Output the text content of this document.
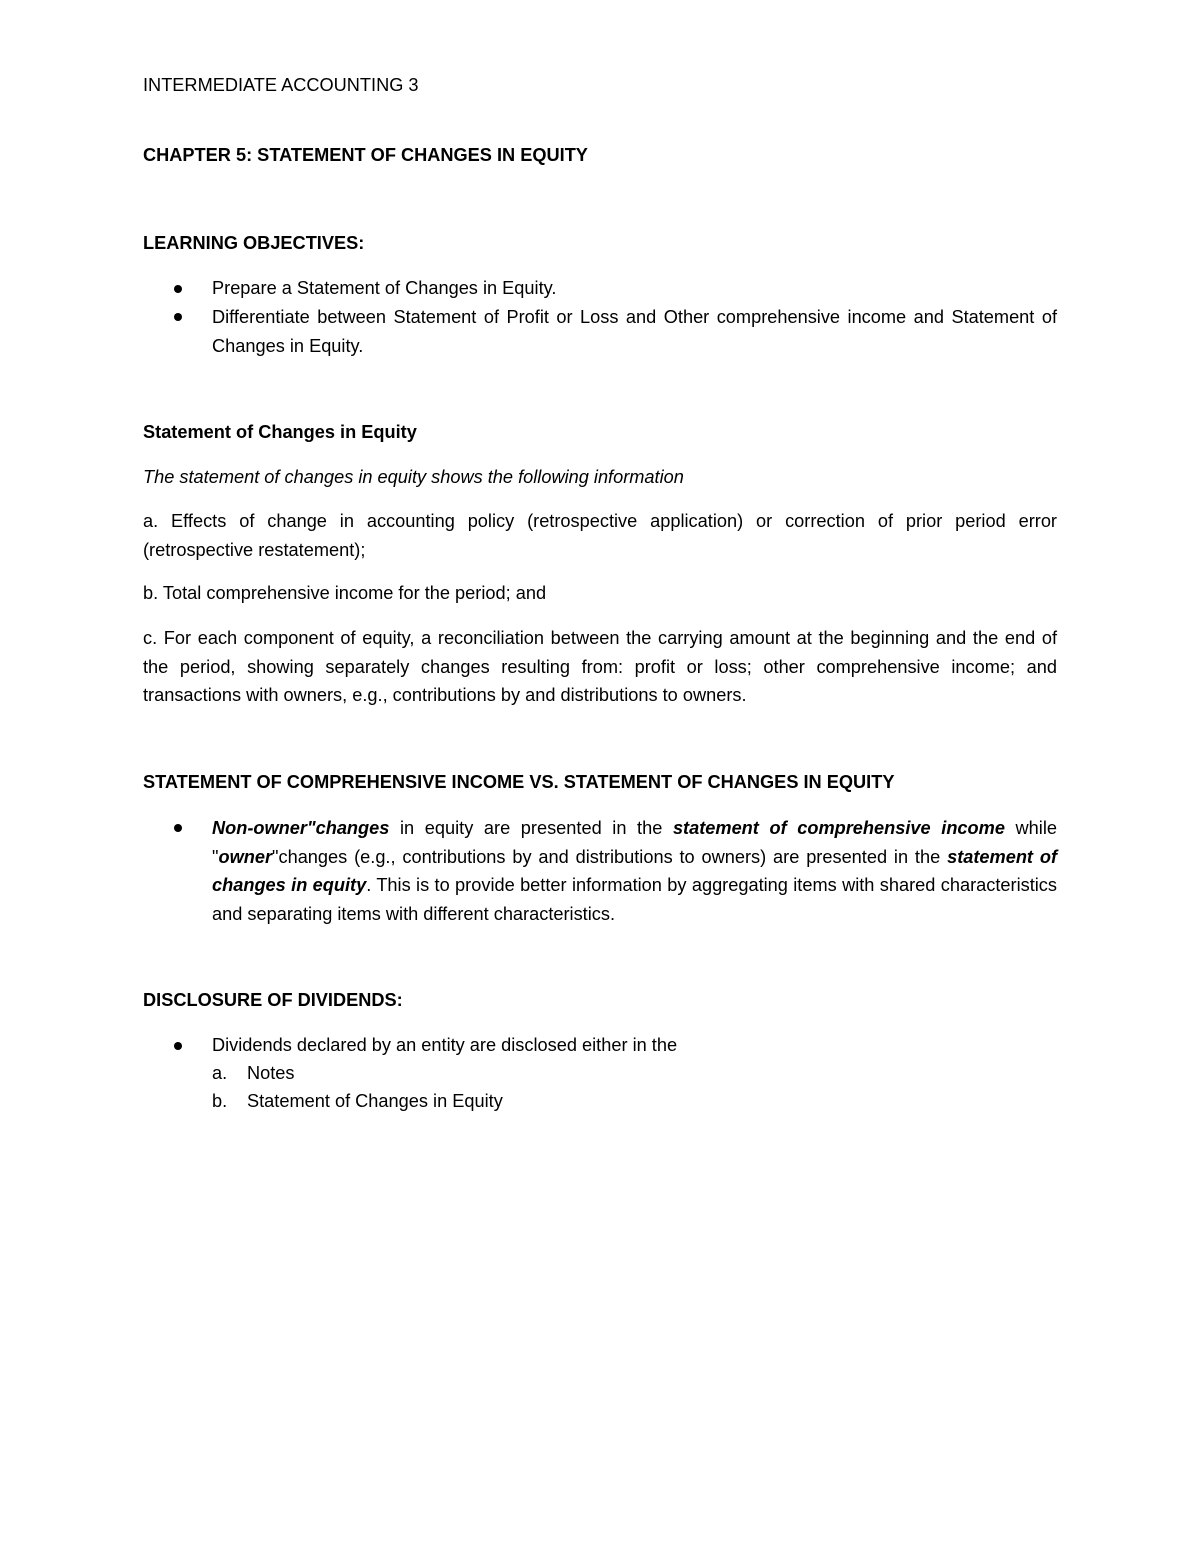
INTERMEDIATE ACCOUNTING 3
CHAPTER 5: STATEMENT OF CHANGES IN EQUITY
LEARNING OBJECTIVES:
Prepare a Statement of Changes in Equity.
Differentiate between Statement of Profit or Loss and Other comprehensive income and Statement of Changes in Equity.
Statement of Changes in Equity
The statement of changes in equity shows the following information
a. Effects of change in accounting policy (retrospective application) or correction of prior period error (retrospective restatement);
b. Total comprehensive income for the period; and
c. For each component of equity, a reconciliation between the carrying amount at the beginning and the end of the period, showing separately changes resulting from: profit or loss; other comprehensive income; and transactions with owners, e.g., contributions by and distributions to owners.
STATEMENT OF COMPREHENSIVE INCOME VS. STATEMENT OF CHANGES IN EQUITY
Non-owner"changes in equity are presented in the statement of comprehensive income while "owner"changes (e.g., contributions by and distributions to owners) are presented in the statement of changes in equity. This is to provide better information by aggregating items with shared characteristics and separating items with different characteristics.
DISCLOSURE OF DIVIDENDS:
Dividends declared by an entity are disclosed either in the
a. Notes
b. Statement of Changes in Equity
